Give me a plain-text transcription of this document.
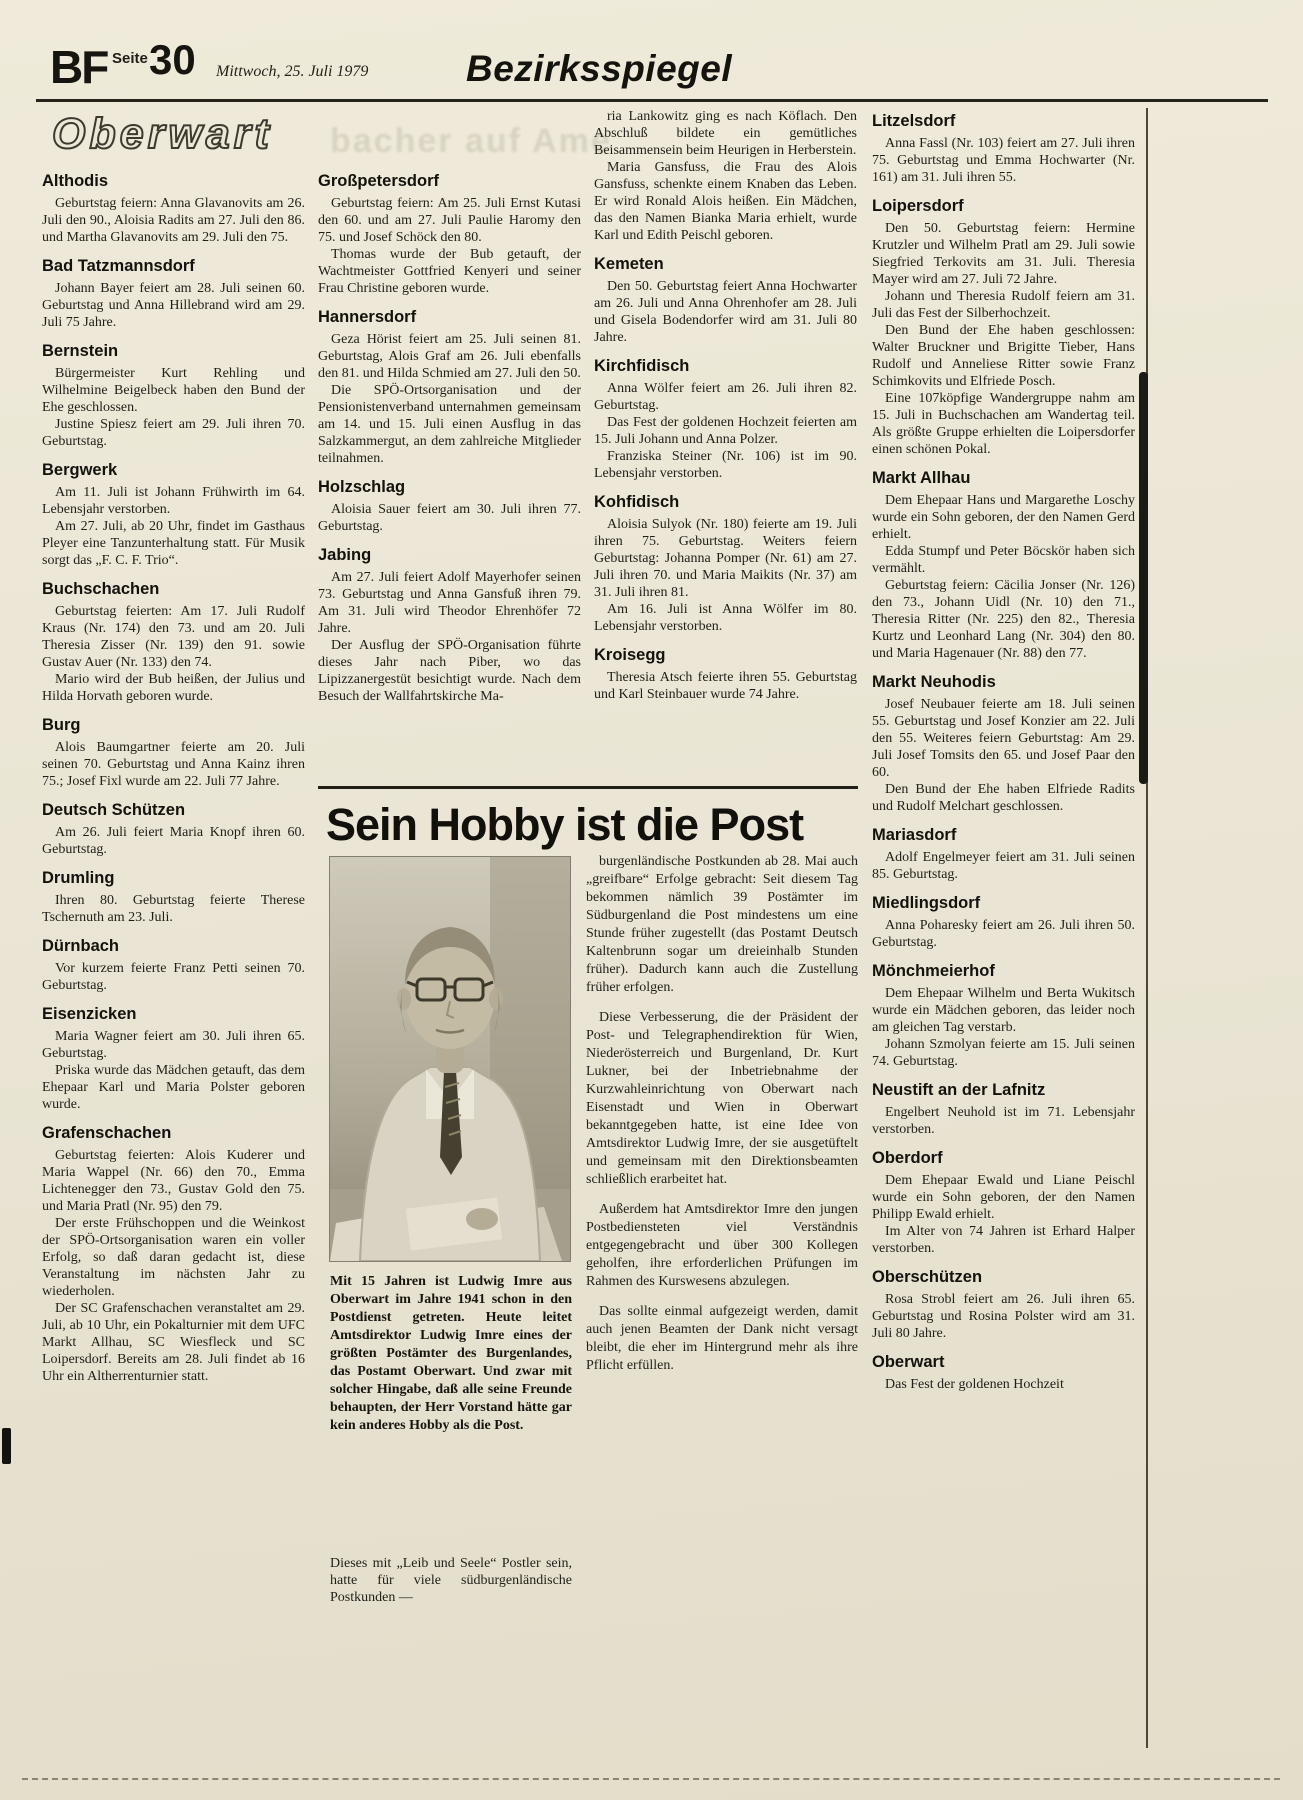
BF Seite 30 Mittwoch, 25. Juli 1979	Bezirksspiegel
Oberwart bacher auf Ame
Althodis

Geburtstag feiern: Anna Glavanovits am 26. Juli den 90., Aloisia Radits am 27. Juli den 86. und Martha Glavanovits am 29. Juli den 75.

Bad Tatzmannsdorf

Johann Bayer feiert am 28. Juli seinen 60. Geburtstag und Anna Hillebrand wird am 29. Juli 75 Jahre.

Bernstein

Bürgermeister Kurt Rehling und Wilhelmine Beigelbeck haben den Bund der Ehe geschlossen.

Justine Spiesz feiert am 29. Juli ihren 70. Geburtstag.

Bergwerk

Am 11. Juli ist Johann Frühwirth im 64. Lebensjahr verstorben.

Am 27. Juli, ab 20 Uhr, findet im Gasthaus Pleyer eine Tanzunterhaltung statt. Für Musik sorgt das „F. C. F. Trio“.

Buchschachen

Geburtstag feierten: Am 17. Juli Rudolf Kraus (Nr. 174) den 73. und am 20. Juli Theresia Zisser (Nr. 139) den 91. sowie Gustav Auer (Nr. 133) den 74.

Mario wird der Bub heißen, der Julius und Hilda Horvath geboren wurde.

Burg

Alois Baumgartner feierte am 20. Juli seinen 70. Geburtstag und Anna Kainz ihren 75.; Josef Fixl wurde am 22. Juli 77 Jahre.

Deutsch Schützen

Am 26. Juli feiert Maria Knopf ihren 60. Geburtstag.

Drumling

Ihren 80. Geburtstag feierte Therese Tschernuth am 23. Juli.

Dürnbach

Vor kurzem feierte Franz Petti seinen 70. Geburtstag.

Eisenzicken

Maria Wagner feiert am 30. Juli ihren 65. Geburtstag.

Priska wurde das Mädchen getauft, das dem Ehepaar Karl und Maria Polster geboren wurde.

Grafenschachen

Geburtstag feierten: Alois Kuderer und Maria Wappel (Nr. 66) den 70., Emma Lichtenegger den 73., Gustav Gold den 75. und Maria Pratl (Nr. 95) den 79.

Der erste Frühschoppen und die Weinkost der SPÖ-Ortsorganisation waren ein voller Erfolg, so daß daran gedacht ist, diese Veranstaltung im nächsten Jahr zu wiederholen.

Der SC Grafenschachen veranstaltet am 29. Juli, ab 10 Uhr, ein Pokalturnier mit dem UFC Markt Allhau, SC Wiesfleck und SC Loipersdorf. Bereits am 28. Juli findet ab 16 Uhr ein Altherrenturnier statt.

Großpetersdorf

Geburtstag feiern: Am 25. Juli Ernst Kutasi den 60. und am 27. Juli Paulie Haromy den 75. und Josef Schöck den 80.

Thomas wurde der Bub getauft, der Wachtmeister Gottfried Kenyeri und seiner Frau Christine geboren wurde.

Hannersdorf

Geza Hörist feiert am 25. Juli seinen 81. Geburtstag, Alois Graf am 26. Juli ebenfalls den 81. und Hilda Schmied am 27. Juli den 50.

Die SPÖ-Ortsorganisation und der Pensionistenverband unternahmen gemeinsam am 14. und 15. Juli einen Ausflug in das Salzkammergut, an dem zahlreiche Mitglieder teilnahmen.

Holzschlag

Aloisia Sauer feiert am 30. Juli ihren 77. Geburtstag.

Jabing

Am 27. Juli feiert Adolf Mayerhofer seinen 73. Geburtstag und Anna Gansfuß ihren 79. Am 31. Juli wird Theodor Ehrenhöfer 72 Jahre.

Der Ausflug der SPÖ-Organisation führte dieses Jahr nach Piber, wo das Lipizzanergestüt besichtigt wurde. Nach dem Besuch der Wallfahrtskirche Ma-

ria Lankowitz ging es nach Köflach. Den Abschluß bildete ein gemütliches Beisammensein beim Heurigen in Herberstein.

Maria Gansfuss, die Frau des Alois Gansfuss, schenkte einem Knaben das Leben. Er wird Ronald Alois heißen. Ein Mädchen, das den Namen Bianka Maria erhielt, wurde Karl und Edith Peischl geboren.

Kemeten

Den 50. Geburtstag feiert Anna Hochwarter am 26. Juli und Anna Ohrenhofer am 28. Juli und Gisela Bodendorfer wird am 31. Juli 80 Jahre.

Kirchfidisch

Anna Wölfer feiert am 26. Juli ihren 82. Geburtstag.

Das Fest der goldenen Hochzeit feierten am 15. Juli Johann und Anna Polzer.

Franziska Steiner (Nr. 106) ist im 90. Lebensjahr verstorben.

Kohfidisch

Aloisia Sulyok (Nr. 180) feierte am 19. Juli ihren 75. Geburtstag. Weiters feiern Geburtstag: Johanna Pomper (Nr. 61) am 27. Juli ihren 70. und Maria Maikits (Nr. 37) am 31. Juli ihren 81.

Am 16. Juli ist Anna Wölfer im 80. Lebensjahr verstorben.

Kroisegg

Theresia Atsch feierte ihren 55. Geburtstag und Karl Steinbauer wurde 74 Jahre.

Litzelsdorf

Anna Fassl (Nr. 103) feiert am 27. Juli ihren 75. Geburtstag und Emma Hochwarter (Nr. 161) am 31. Juli ihren 55.

Loipersdorf

Den 50. Geburtstag feiern: Hermine Krutzler und Wilhelm Pratl am 29. Juli sowie Siegfried Terkovits am 31. Juli. Theresia Mayer wird am 27. Juli 72 Jahre.

Johann und Theresia Rudolf feiern am 31. Juli das Fest der Silberhochzeit.

Den Bund der Ehe haben geschlossen: Walter Bruckner und Brigitte Tieber, Hans Rudolf und Anneliese Ritter sowie Franz Schimkovits und Elfriede Posch.

Eine 107köpfige Wandergruppe nahm am 15. Juli in Buchschachen am Wandertag teil. Als größte Gruppe erhielten die Loipersdorfer einen schönen Pokal.

Markt Allhau

Dem Ehepaar Hans und Margarethe Loschy wurde ein Sohn geboren, der den Namen Gerd erhielt.

Edda Stumpf und Peter Böcskör haben sich vermählt.

Geburtstag feiern: Cäcilia Jonser (Nr. 126) den 73., Johann Uidl (Nr. 10) den 71., Theresia Ritter (Nr. 225) den 82., Theresia Kurtz und Leonhard Lang (Nr. 304) den 80. und Maria Hagenauer (Nr. 88) den 77.

Markt Neuhodis

Josef Neubauer feierte am 18. Juli seinen 55. Geburtstag und Josef Konzier am 22. Juli den 55. Weiteres feiern Geburtstag: Am 29. Juli Josef Tomsits den 65. und Josef Paar den 60.

Den Bund der Ehe haben Elfriede Radits und Rudolf Melchart geschlossen.

Mariasdorf

Adolf Engelmeyer feiert am 31. Juli seinen 85. Geburtstag.

Miedlingsdorf

Anna Poharesky feiert am 26. Juli ihren 50. Geburtstag.

Mönchmeierhof

Dem Ehepaar Wilhelm und Berta Wukitsch wurde ein Mädchen geboren, das leider noch am gleichen Tag verstarb.

Johann Szmolyan feierte am 15. Juli seinen 74. Geburtstag.

Neustift an der Lafnitz

Engelbert Neuhold ist im 71. Lebensjahr verstorben.

Oberdorf

Dem Ehepaar Ewald und Liane Peischl wurde ein Sohn geboren, der den Namen Philipp Ewald erhielt.

Im Alter von 74 Jahren ist Erhard Halper verstorben.

Oberschützen

Rosa Strobl feiert am 26. Juli ihren 65. Geburtstag und Rosina Polster wird am 31. Juli 80 Jahre.

Oberwart

Das Fest der goldenen Hochzeit

Sein Hobby ist die Post

burgenländische Postkunden ab 28. Mai auch „greifbare“ Erfolge gebracht: Seit diesem Tag bekommen nämlich 39 Postämter im Südburgenland die Post mindestens um eine Stunde früher zugestellt (das Postamt Deutsch Kaltenbrunn sogar um dreieinhalb Stunden früher). Dadurch kann auch die Zustellung früher erfolgen.

Diese Verbesserung, die der Präsident der Post- und Telegraphendirektion für Wien, Niederösterreich und Burgenland, Dr. Kurt Lukner, bei der Inbetriebnahme der Kurzwahleinrichtung von Oberwart nach Eisenstadt und Wien in Oberwart bekanntgegeben hatte, ist eine Idee von Amtsdirektor Ludwig Imre, der sie ausgetüftelt und gemeinsam mit den Direktionsbeamten schließlich erarbeitet hat.

Außerdem hat Amtsdirektor Imre den jungen Postbediensteten viel Verständnis entgegengebracht und über 300 Kollegen geholfen, ihre erforderlichen Prüfungen im Rahmen des Kurswesens abzulegen.

Das sollte einmal aufgezeigt werden, damit auch jenen Beamten der Dank nicht versagt bleibt, die eher im Hintergrund mehr als ihre Pflicht erfüllen.

Mit 15 Jahren ist Ludwig Imre aus Oberwart im Jahre 1941 schon in den Postdienst getreten. Heute leitet Amtsdirektor Ludwig Imre eines der größten Postämter des Burgenlandes, das Postamt Oberwart. Und zwar mit solcher Hingabe, daß alle seine Freunde behaupten, der Herr Vorstand hätte gar kein anderes Hobby als die Post.

Dieses mit „Leib und Seele“ Postler sein, hatte für viele südburgenländische Postkunden —
